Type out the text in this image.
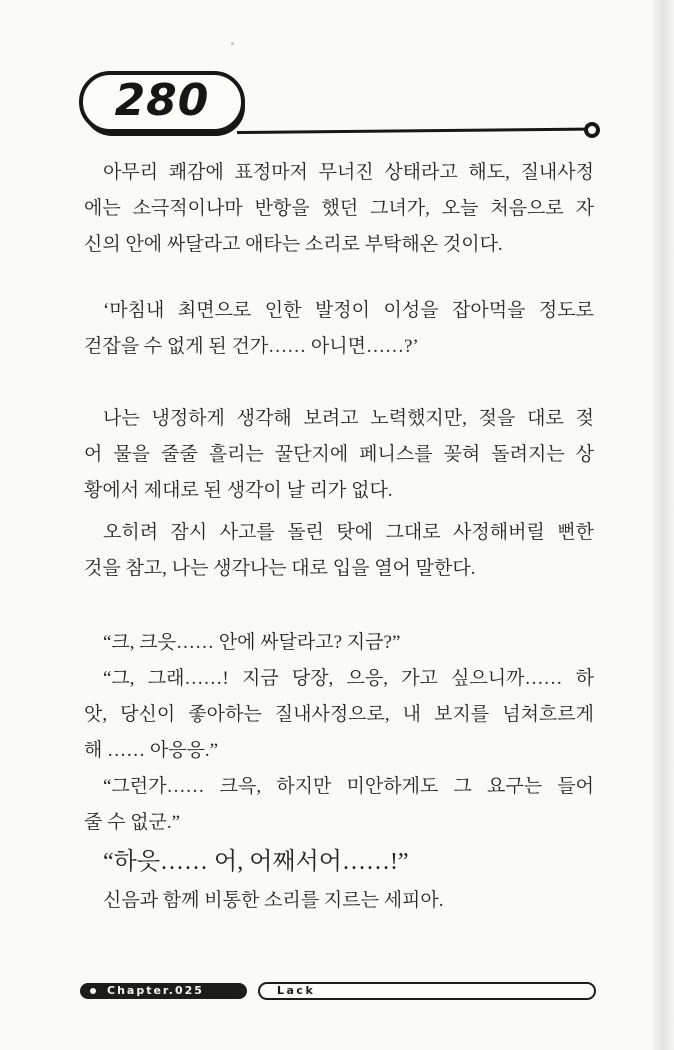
280
아무리 쾌감에 표정마저 무너진 상태라고 해도, 질내사정
에는 소극적이나마 반항을 했던 그녀가, 오늘 처음으로 자
신의 안에 싸달라고 애타는 소리로 부탁해온 것이다.
‘마침내 최면으로 인한 발정이 이성을 잡아먹을 정도로
걷잡을 수 없게 된 건가…… 아니면……?’
나는 냉정하게 생각해 보려고 노력했지만, 젖을 대로 젖
어 물을 줄줄 흘리는 꿀단지에 페니스를 꽂혀 돌려지는 상
황에서 제대로 된 생각이 날 리가 없다.
오히려 잠시 사고를 돌린 탓에 그대로 사정해버릴 뻔한
것을 참고, 나는 생각나는 대로 입을 열어 말한다.
“크, 크읏…… 안에 싸달라고? 지금?”
“그, 그래……! 지금 당장, 으응, 가고 싶으니까…… 하
앗, 당신이 좋아하는 질내사정으로, 내 보지를 넘쳐흐르게
해 …… 아응응.”
“그런가…… 크윽, 하지만 미안하게도 그 요구는 들어
줄 수 없군.”
“하읏…… 어, 어째서어……!”
신음과 함께 비통한 소리를 지르는 세피아.
Chapter.025	Lack
